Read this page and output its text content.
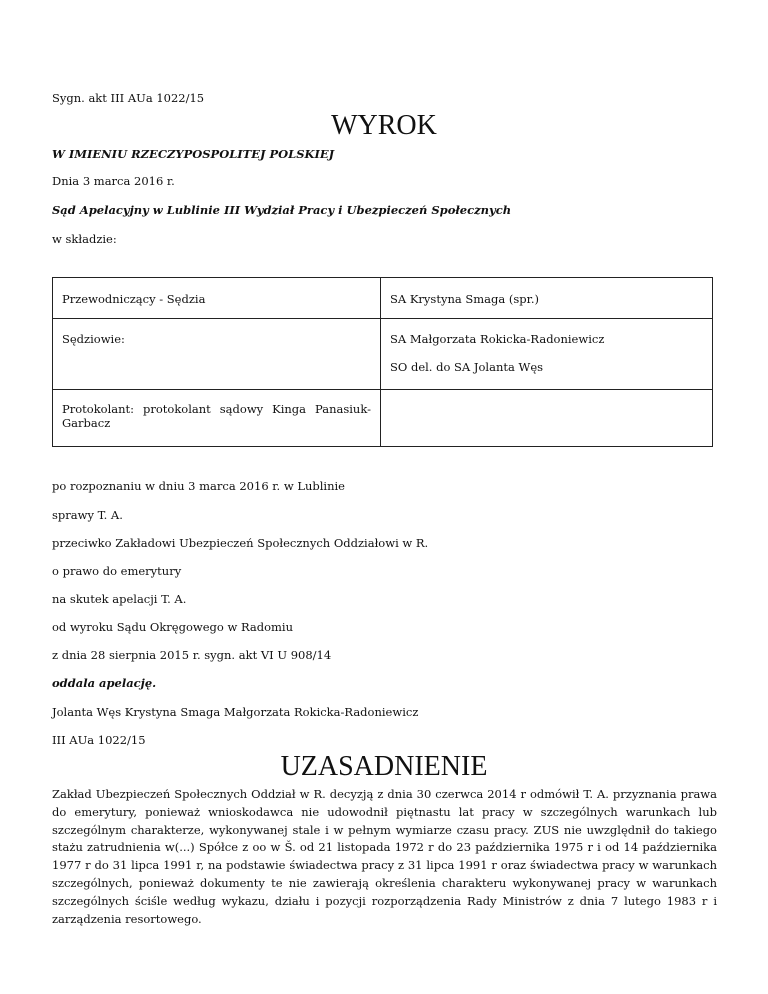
Sygn. akt III AUa 1022/15
WYROK
W IMIENIU RZECZYPOSPOLITEJ POLSKIEJ
Dnia 3 marca 2016 r.
Sąd Apelacyjny w Lublinie III Wydział Pracy i Ubezpieczeń Społecznych
w składzie:
Przewodniczący - Sędzia	SA Krystyna Smaga (spr.)
Sędziowie:	SA Małgorzata Rokicka-Radoniewicz
SO del. do SA Jolanta Węs

Protokolant: protokolant sądowy Kinga Panasiuk-Garbacz	
po rozpoznaniu w dniu 3 marca 2016 r. w Lublinie
sprawy T. A.
przeciwko Zakładowi Ubezpieczeń Społecznych Oddziałowi w R.
o prawo do emerytury
na skutek apelacji T. A.
od wyroku Sądu Okręgowego w Radomiu
z dnia 28 sierpnia 2015 r. sygn. akt VI U 908/14
oddala apelację.
Jolanta Węs Krystyna Smaga Małgorzata Rokicka-Radoniewicz
III AUa 1022/15
UZASADNIENIE
Zakład Ubezpieczeń Społecznych Oddział w R. decyzją z dnia 30 czerwca 2014 r odmówił T. A. przyznania prawa do emerytury, ponieważ wnioskodawca nie udowodnił piętnastu lat pracy w szczególnych warunkach lub szczególnym charakterze, wykonywanej stale i w pełnym wymiarze czasu pracy. ZUS nie uwzględnił do takiego stażu zatrudnienia w(...) Spółce z oo w Š. od 21 listopada 1972 r do 23 października 1975 r i od 14 października 1977 r do 31 lipca 1991 r, na podstawie świadectwa pracy z 31 lipca 1991 r oraz świadectwa pracy w warunkach szczególnych, ponieważ dokumenty te nie zawierają określenia charakteru wykonywanej pracy w warunkach szczególnych ściśle według wykazu, działu i pozycji rozporządzenia Rady Ministrów z dnia 7 lutego 1983 r i zarządzenia resortowego.
